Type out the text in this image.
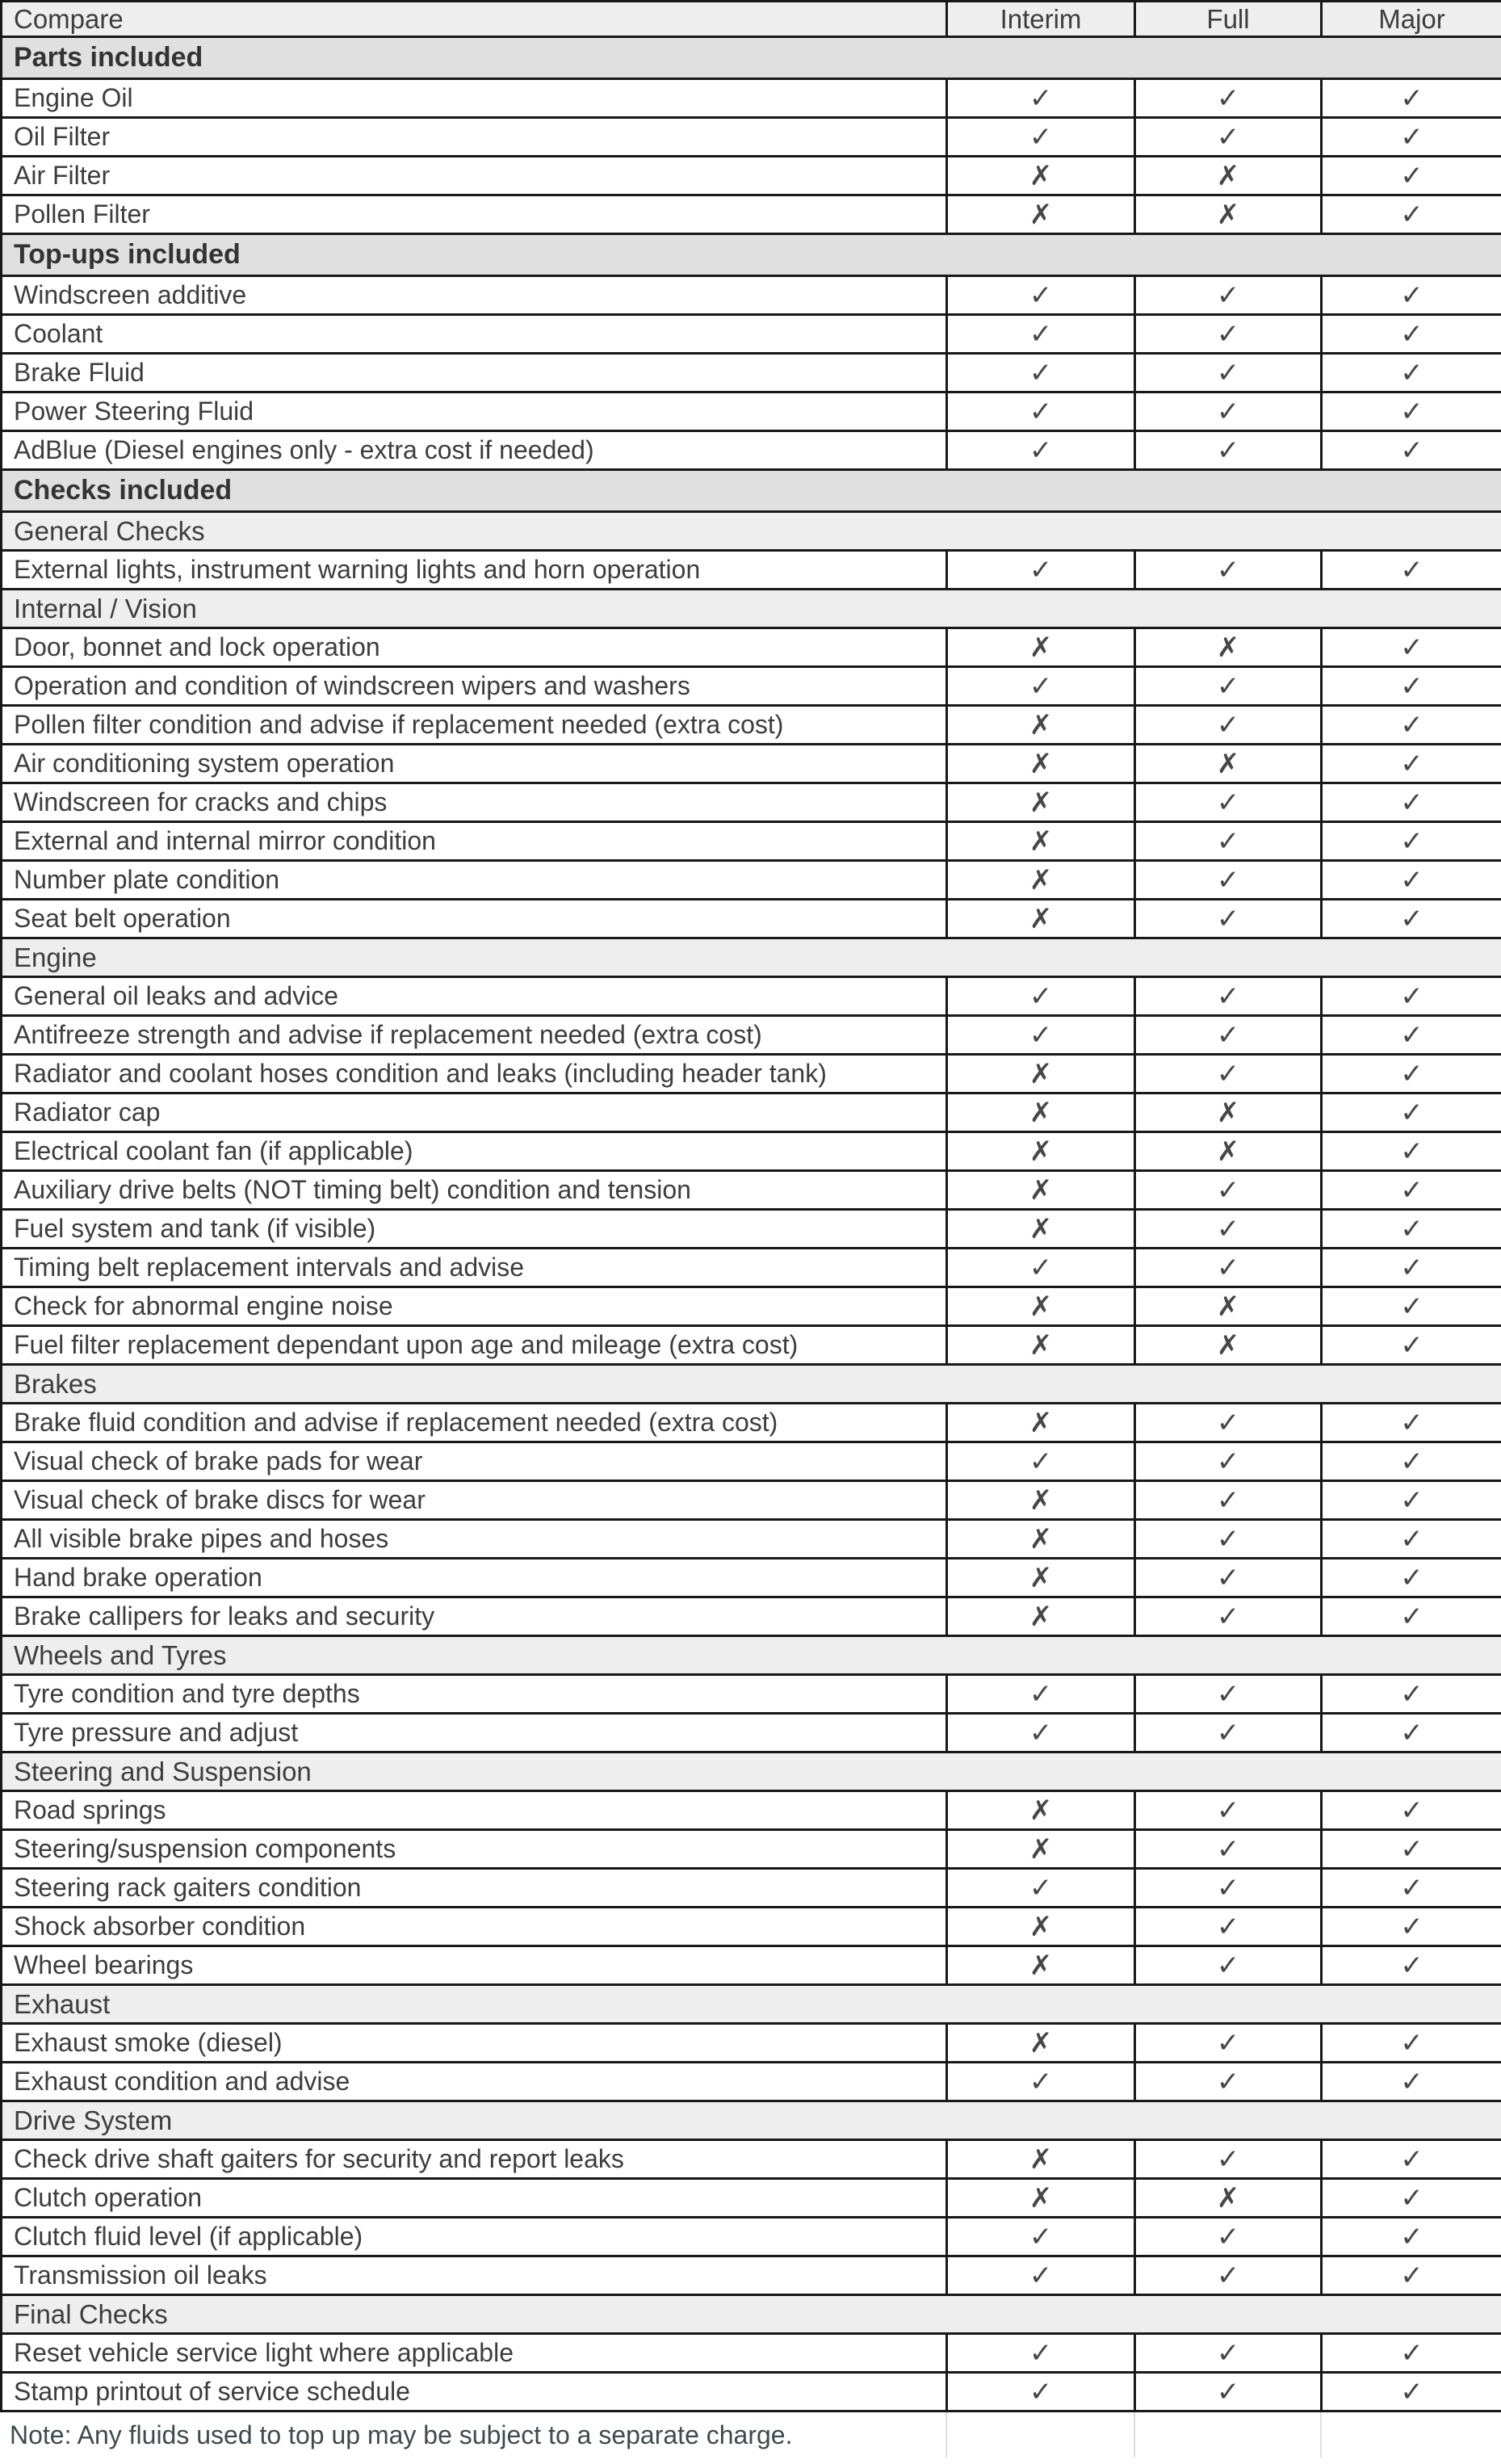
Compare	Interim	Full	Major
Parts included			
Engine Oil	✓	✓	✓
Oil Filter	✓	✓	✓
Air Filter	✗	✗	✓
Pollen Filter	✗	✗	✓
Top-ups included			
Windscreen additive	✓	✓	✓
Coolant	✓	✓	✓
Brake Fluid	✓	✓	✓
Power Steering Fluid	✓	✓	✓
AdBlue (Diesel engines only - extra cost if needed)	✓	✓	✓
Checks included			
General Checks			
External lights, instrument warning lights and horn operation	✓	✓	✓
Internal / Vision			
Door, bonnet and lock operation	✗	✗	✓
Operation and condition of windscreen wipers and washers	✓	✓	✓
Pollen filter condition and advise if replacement needed (extra cost)	✗	✓	✓
Air conditioning system operation	✗	✗	✓
Windscreen for cracks and chips	✗	✓	✓
External and internal mirror condition	✗	✓	✓
Number plate condition	✗	✓	✓
Seat belt operation	✗	✓	✓
Engine			
General oil leaks and advice	✓	✓	✓
Antifreeze strength and advise if replacement needed (extra cost)	✓	✓	✓
Radiator and coolant hoses condition and leaks (including header tank)	✗	✓	✓
Radiator cap	✗	✗	✓
Electrical coolant fan (if applicable)	✗	✗	✓
Auxiliary drive belts (NOT timing belt) condition and tension	✗	✓	✓
Fuel system and tank (if visible)	✗	✓	✓
Timing belt replacement intervals and advise	✓	✓	✓
Check for abnormal engine noise	✗	✗	✓
Fuel filter replacement dependant upon age and mileage (extra cost)	✗	✗	✓
Brakes			
Brake fluid condition and advise if replacement needed (extra cost)	✗	✓	✓
Visual check of brake pads for wear	✓	✓	✓
Visual check of brake discs for wear	✗	✓	✓
All visible brake pipes and hoses	✗	✓	✓
Hand brake operation	✗	✓	✓
Brake callipers for leaks and security	✗	✓	✓
Wheels and Tyres			
Tyre condition and tyre depths	✓	✓	✓
Tyre pressure and adjust	✓	✓	✓
Steering and Suspension			
Road springs	✗	✓	✓
Steering/suspension components	✗	✓	✓
Steering rack gaiters condition	✓	✓	✓
Shock absorber condition	✗	✓	✓
Wheel bearings	✗	✓	✓
Exhaust			
Exhaust smoke (diesel)	✗	✓	✓
Exhaust condition and advise	✓	✓	✓
Drive System			
Check drive shaft gaiters for security and report leaks	✗	✓	✓
Clutch operation	✗	✗	✓
Clutch fluid level (if applicable)	✓	✓	✓
Transmission oil leaks	✓	✓	✓
Final Checks			
Reset vehicle service light where applicable	✓	✓	✓
Stamp printout of service schedule	✓	✓	✓
Note: Any fluids used to top up may be subject to a separate charge.
